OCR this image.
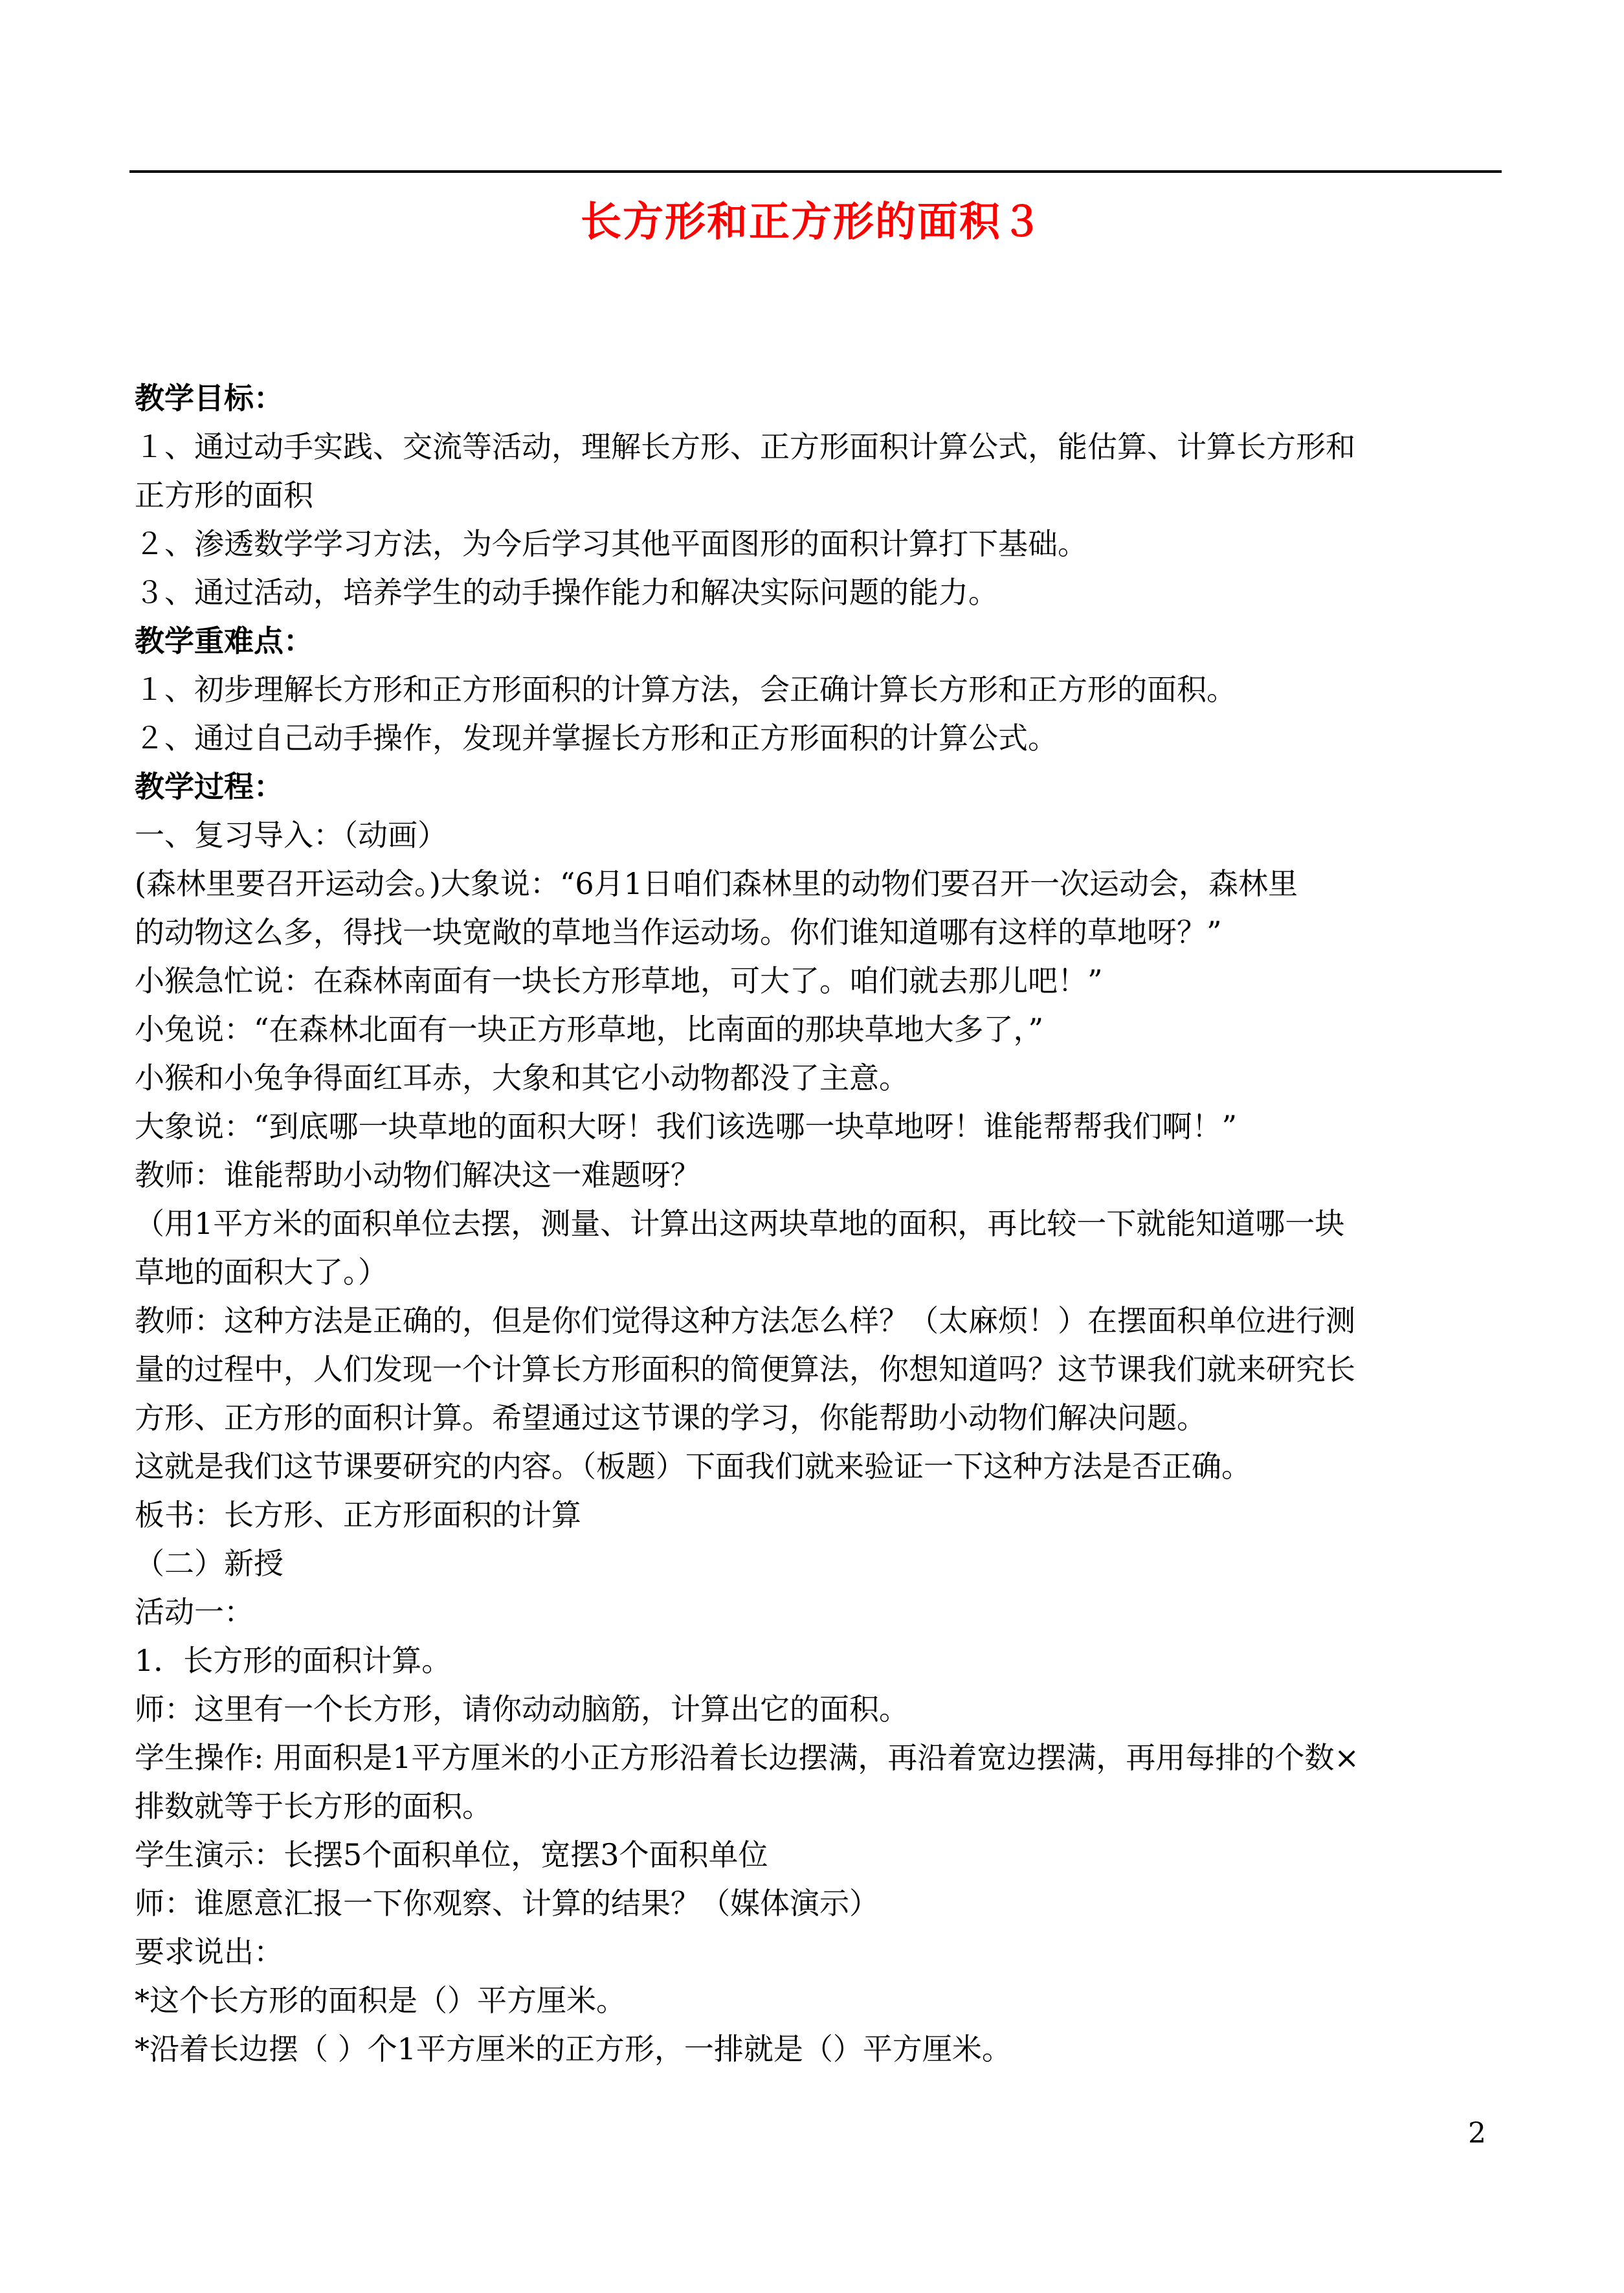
长方形和正方形的面积３
教学目标：
１、通过动手实践、交流等活动，理解长方形、正方形面积计算公式，能估算、计算长方形和
正方形的面积
２、渗透数学学习方法，为今后学习其他平面图形的面积计算打下基础。
３、通过活动，培养学生的动手操作能力和解决实际问题的能力。
教学重难点：
１、初步理解长方形和正方形面积的计算方法，会正确计算长方形和正方形的面积。
２、通过自己动手操作，发现并掌握长方形和正方形面积的计算公式。
教学过程：
一、复习导入：（动画）
(森林里要召开运动会。)大象说：“6月1日咱们森林里的动物们要召开一次运动会，森林里
的动物这么多，得找一块宽敞的草地当作运动场。你们谁知道哪有这样的草地呀？”
小猴急忙说：在森林南面有一块长方形草地，可大了。咱们就去那儿吧！”
小兔说：“在森林北面有一块正方形草地，比南面的那块草地大多了，”
小猴和小兔争得面红耳赤，大象和其它小动物都没了主意。
大象说：“到底哪一块草地的面积大呀！我们该选哪一块草地呀！谁能帮帮我们啊！”
教师：谁能帮助小动物们解决这一难题呀？
（用1平方米的面积单位去摆，测量、计算出这两块草地的面积，再比较一下就能知道哪一块
草地的面积大了。）
教师：这种方法是正确的，但是你们觉得这种方法怎么样？（太麻烦！）在摆面积单位进行测
量的过程中，人们发现一个计算长方形面积的简便算法，你想知道吗？这节课我们就来研究长
方形、正方形的面积计算。希望通过这节课的学习，你能帮助小动物们解决问题。
这就是我们这节课要研究的内容。（板题）下面我们就来验证一下这种方法是否正确。
板书：长方形、正方形面积的计算
（二）新授
活动一：
1．长方形的面积计算。
师：这里有一个长方形，请你动动脑筋，计算出它的面积。
学生操作: 用面积是1平方厘米的小正方形沿着长边摆满，再沿着宽边摆满，再用每排的个数×
排数就等于长方形的面积。
学生演示：长摆5个面积单位，宽摆3个面积单位
师：谁愿意汇报一下你观察、计算的结果？（媒体演示）
要求说出：
*这个长方形的面积是（）平方厘米。
*沿着长边摆（ ）个1平方厘米的正方形，一排就是（）平方厘米。
2
